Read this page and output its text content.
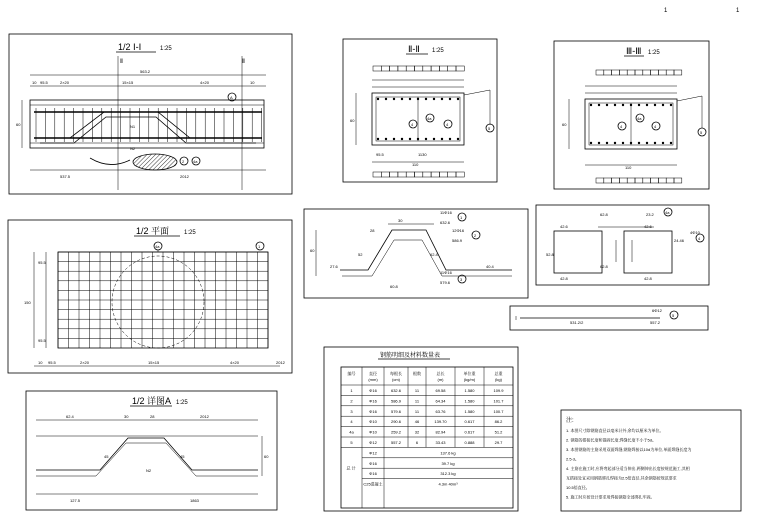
1	1
1/2 Ⅰ-Ⅰ	1:25
Ⅱ	Ⅱ
563.2
10 95.5	2×20	15×15	4×20	10
60
537.5	2012
A
2 4a
N1
N2
Ⅱ-Ⅱ 1:25
4
4a
4
5
60
110
95.5	1130
Ⅲ-Ⅲ 1:25
4
4a
4
5
60
110
1/2 平面 1:25
4a	1
150
95.5
95.5
10 95.5	2×20	15×15	4×20	2012
1/2 详图A 1:25
62.4	30	28	2012
45	45
N2
60
127.5	1863
11Φ16
632.6
1
12Φ16
586.9
2
11Φ16
579.6
3
30
28
52	62.4
40.4
60.8
27.6
60
62.8	23.2	4a
42.6
52.8
42.8
62.8
42.6
24.46
4Φ10
4
42.8
6Φ12
557.2
531.2/2
5
钢筋明细及材料数量表
编号	直径
(mm)
每根长
(cm)
根数	总长
(m)
单位重
(kg/m)
总重
(kg)
1	Φ16	632.6	11	69.58	1.580	109.9
2	Φ16	586.9	11	64.34	1.580	101.7
3	Φ16	579.6	11	63.76	1.580	100.7
4	Φ10	290.6	46	139.70	0.617	86.2
4a	Φ10	259.2	32	82.94	0.617	51.2
5	Φ12	557.2	6	33.43	0.888	29.7
Φ12	137.6 kg
Φ16	39.7 kg
Φ16	312.3 kg
C25混凝土	4.3m 40m³
总 计
注:
1. 本图尺寸除钢筋直径以毫米计外,余均以厘米为单位。
2. 钢筋的搭接长度和锚固长度,焊缝长度不小于5d。
3. 本图钢筋的主筋采用双面焊缝,钢筋焊接以10d为单位,单面焊缝长度为
2.5 d。
4. 主筋在施工时,应将弯起部分适当伸出,两侧伸出长度按规范施工,其相
互搭接处宜采用钢筋绑扎焊接为2.5倍直径,其余钢筋按规范要求
10.5倍直径。
5. 施工时应按设计要求用焊接钢筋全部绑扎牢固。
